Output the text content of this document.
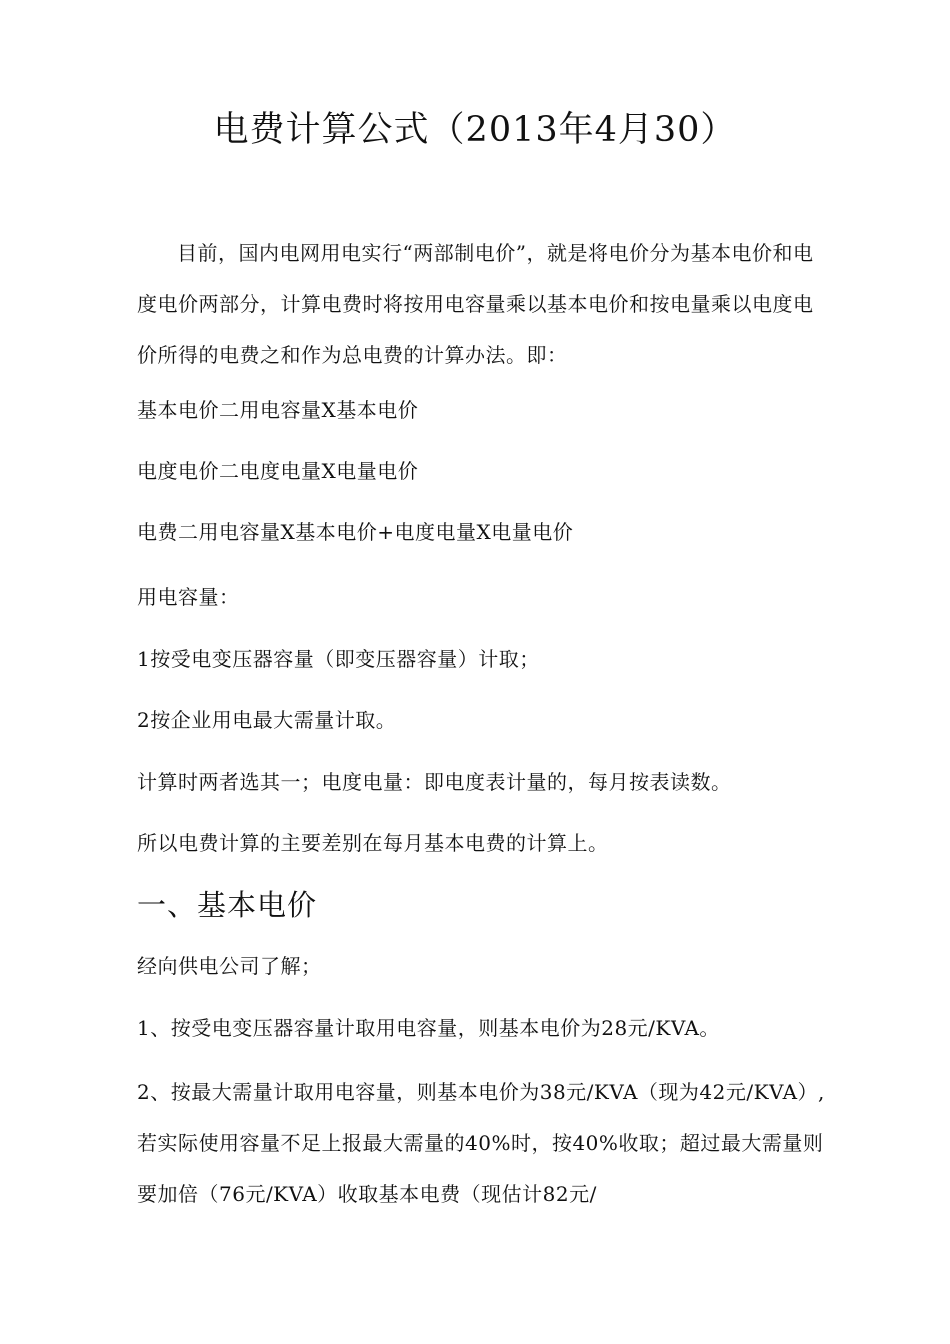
电费计算公式（2013年4月30）
目前，国内电网用电实行“两部制电价”，就是将电价分为基本电价和电度电价两部分，计算电费时将按用电容量乘以基本电价和按电量乘以电度电价所得的电费之和作为总电费的计算办法。即：
基本电价二用电容量X基本电价
电度电价二电度电量X电量电价
电费二用电容量X基本电价+电度电量X电量电价
用电容量：
1按受电变压器容量（即变压器容量）计取；
2按企业用电最大需量计取。
计算时两者选其一；电度电量：即电度表计量的，每月按表读数。
所以电费计算的主要差别在每月基本电费的计算上。
一、基本电价
经向供电公司了解；
1、按受电变压器容量计取用电容量，则基本电价为28元/KVA。
2、按最大需量计取用电容量，则基本电价为38元/KVA（现为42元/KVA）,若实际使用容量不足上报最大需量的40%时，按40%收取；超过最大需量则要加倍（76元/KVA）收取基本电费（现估计82元/
